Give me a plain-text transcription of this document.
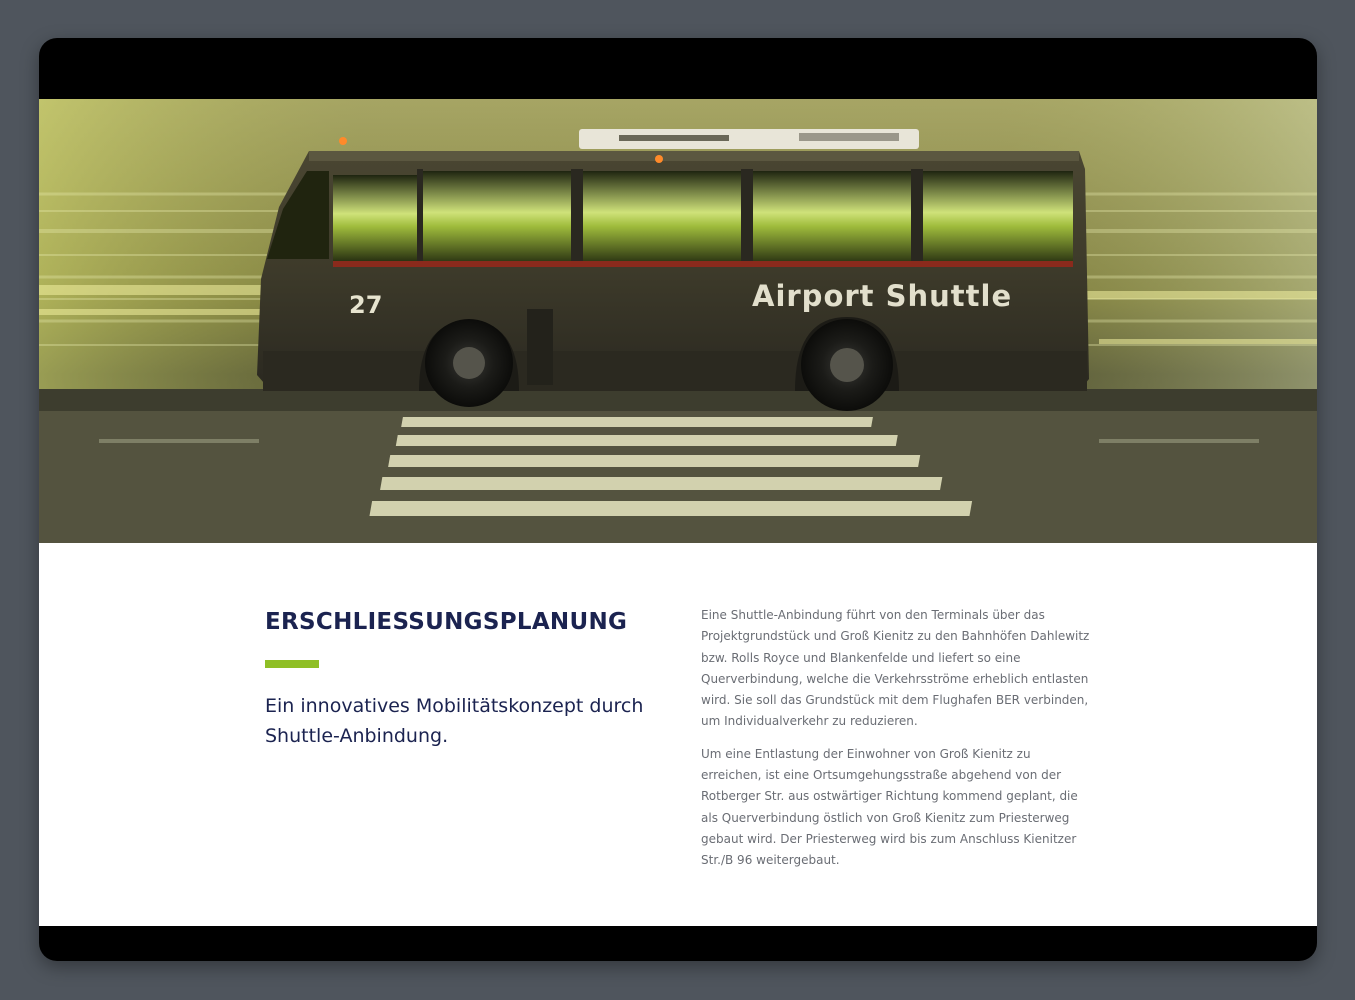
27	Airport Shuttle
ERSCHLIESSUNGSPLANUNG

Ein innovatives Mobilitätskonzept durch Shuttle-Anbindung.

Eine Shuttle-Anbindung führt von den Terminals über das Projektgrundstück und Groß Kienitz zu den Bahnhöfen Dahlewitz bzw. Rolls Royce und Blankenfelde und liefert so eine Querverbindung, welche die Verkehrsströme erheblich entlasten wird. Sie soll das Grundstück mit dem Flughafen BER verbinden, um Individualverkehr zu reduzieren.

Um eine Entlastung der Einwohner von Groß Kienitz zu erreichen, ist eine Ortsumgehungsstraße abgehend von der Rotberger Str. aus ostwärtiger Richtung kommend geplant, die als Querverbindung östlich von Groß Kienitz zum Priesterweg gebaut wird. Der Priesterweg wird bis zum Anschluss Kienitzer Str./B 96 weitergebaut.
